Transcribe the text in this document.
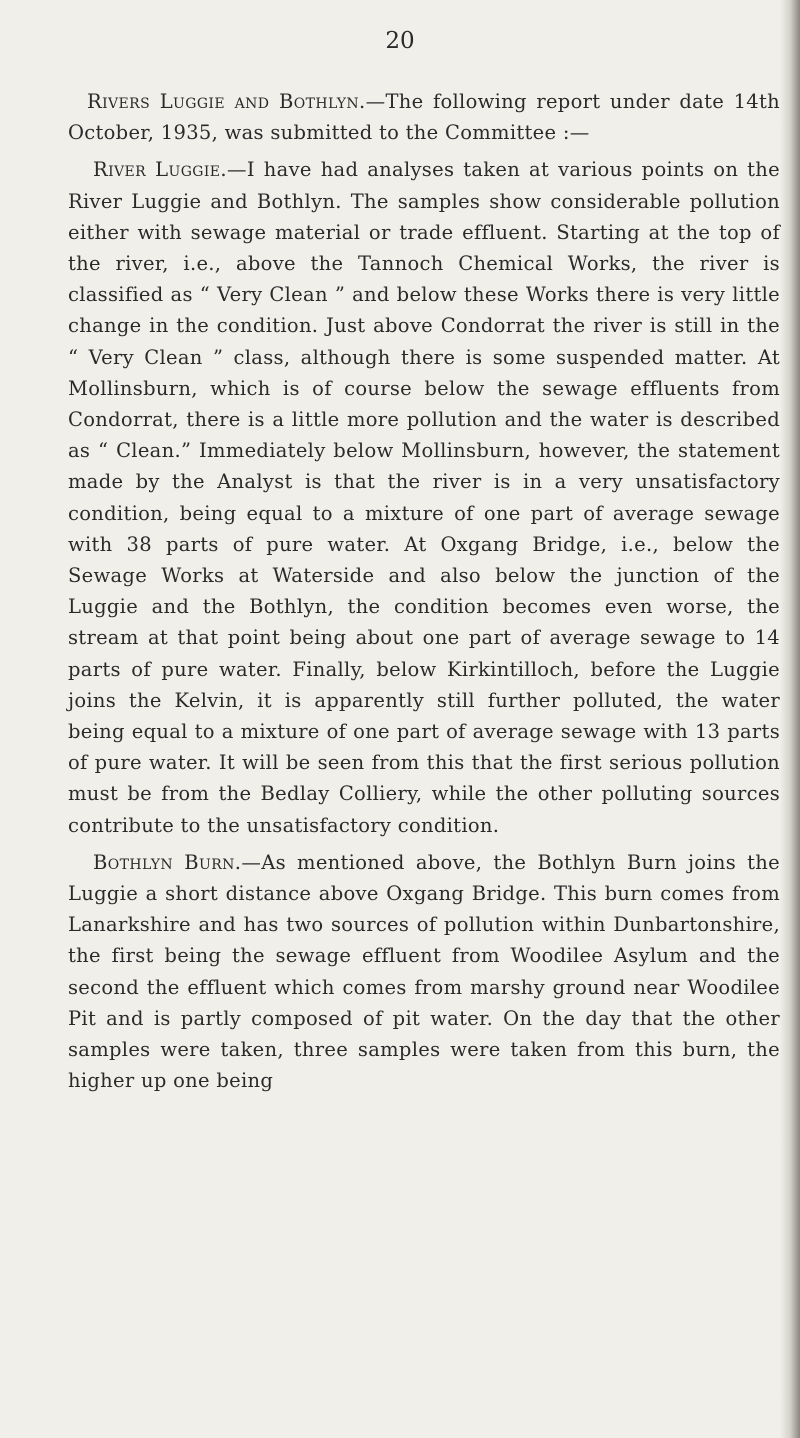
20

Rivers Luggie and Bothlyn.—The following report under date 14th October, 1935, was submitted to the Committee :—

River Luggie.—I have had analyses taken at various points on the River Luggie and Bothlyn. The samples show considerable pollution either with sewage material or trade effluent. Starting at the top of the river, i.e., above the Tannoch Chemical Works, the river is classified as “ Very Clean ” and below these Works there is very little change in the condition. Just above Condorrat the river is still in the “ Very Clean ” class, although there is some suspended matter. At Mollinsburn, which is of course below the sewage effluents from Condorrat, there is a little more pollution and the water is described as “ Clean.” Immediately below Mollinsburn, however, the statement made by the Analyst is that the river is in a very unsatisfactory condition, being equal to a mixture of one part of average sewage with 38 parts of pure water. At Oxgang Bridge, i.e., below the Sewage Works at Waterside and also below the junction of the Luggie and the Bothlyn, the condition becomes even worse, the stream at that point being about one part of average sewage to 14 parts of pure water. Finally, below Kirkintilloch, before the Luggie joins the Kelvin, it is apparently still further polluted, the water being equal to a mixture of one part of average sewage with 13 parts of pure water. It will be seen from this that the first serious pollution must be from the Bedlay Colliery, while the other polluting sources contribute to the unsatisfactory condition.

Bothlyn Burn.—As mentioned above, the Bothlyn Burn joins the Luggie a short distance above Oxgang Bridge. This burn comes from Lanarkshire and has two sources of pollution within Dunbartonshire, the first being the sewage effluent from Woodilee Asylum and the second the effluent which comes from marshy ground near Woodilee Pit and is partly composed of pit water. On the day that the other samples were taken, three samples were taken from this burn, the higher up one being
